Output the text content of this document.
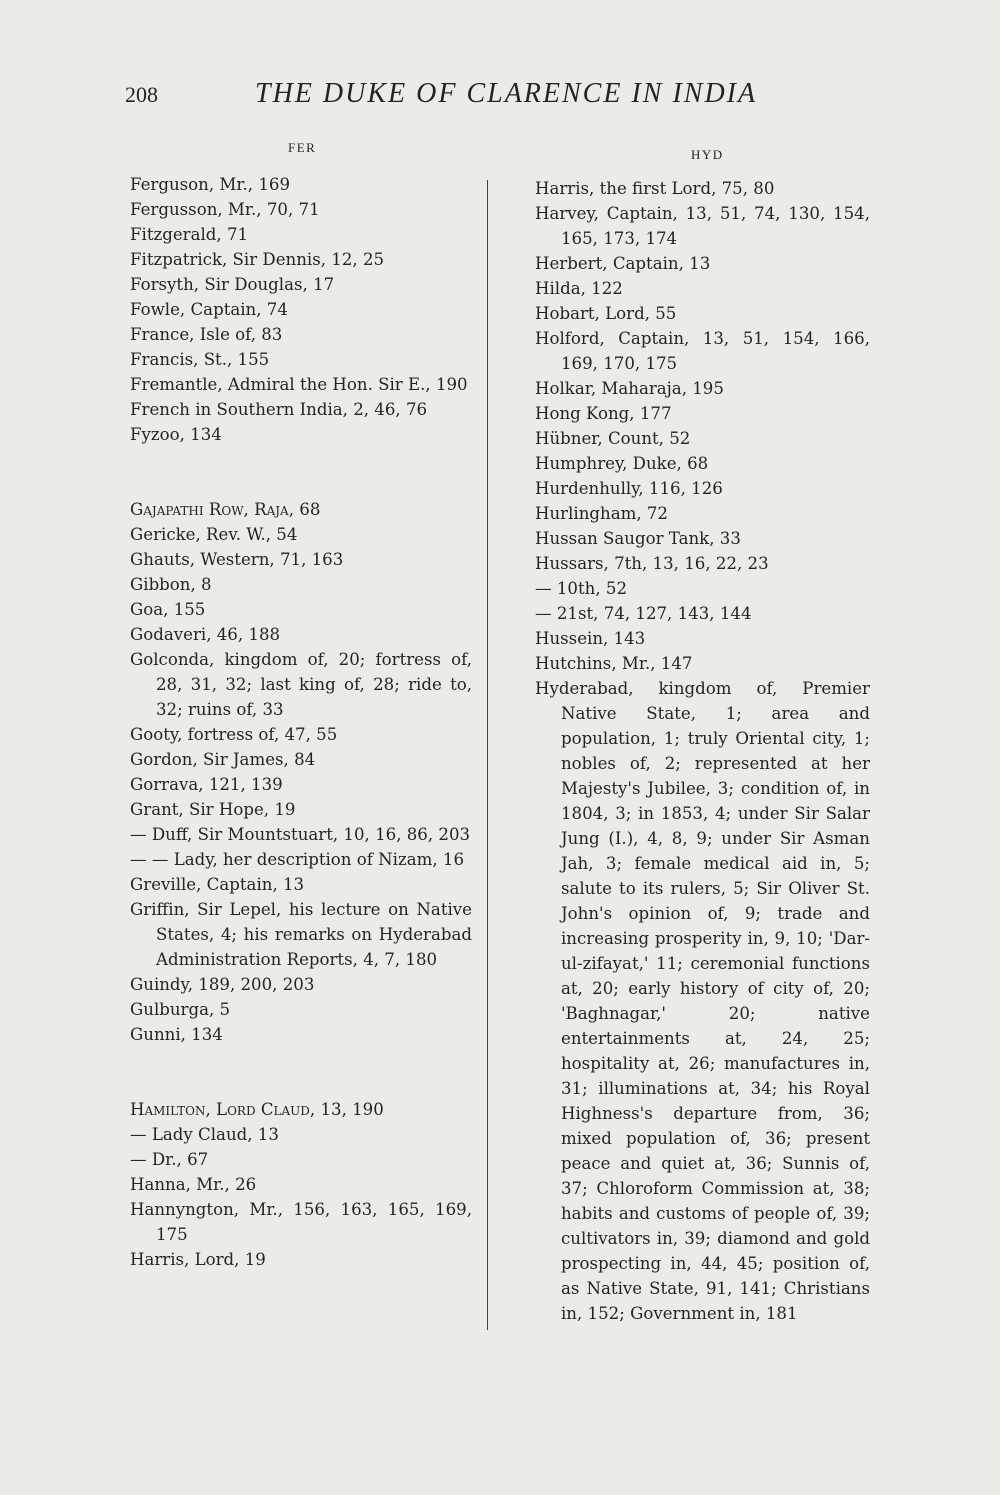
208	THE DUKE OF CLARENCE IN INDIA
FER	HYD
Ferguson, Mr., 169
Fergusson, Mr., 70, 71
Fitzgerald, 71
Fitzpatrick, Sir Dennis, 12, 25
Forsyth, Sir Douglas, 17
Fowle, Captain, 74
France, Isle of, 83
Francis, St., 155
Fremantle, Admiral the Hon. Sir E., 190
French in Southern India, 2, 46, 76
Fyzoo, 134
Gajapathi Row, Raja, 68
Gericke, Rev. W., 54
Ghauts, Western, 71, 163
Gibbon, 8
Goa, 155
Godaveri, 46, 188
Golconda, kingdom of, 20; fortress of, 28, 31, 32; last king of, 28; ride to, 32; ruins of, 33
Gooty, fortress of, 47, 55
Gordon, Sir James, 84
Gorrava, 121, 139
Grant, Sir Hope, 19
— Duff, Sir Mountstuart, 10, 16, 86, 203
— — Lady, her description of Nizam, 16
Greville, Captain, 13
Griffin, Sir Lepel, his lecture on Native States, 4; his remarks on Hyderabad Administration Reports, 4, 7, 180
Guindy, 189, 200, 203
Gulburga, 5
Gunni, 134
Hamilton, Lord Claud, 13, 190
— Lady Claud, 13
— Dr., 67
Hanna, Mr., 26
Hannyngton, Mr., 156, 163, 165, 169, 175
Harris, Lord, 19
Harris, the first Lord, 75, 80
Harvey, Captain, 13, 51, 74, 130, 154, 165, 173, 174
Herbert, Captain, 13
Hilda, 122
Hobart, Lord, 55
Holford, Captain, 13, 51, 154, 166, 169, 170, 175
Holkar, Maharaja, 195
Hong Kong, 177
Hübner, Count, 52
Humphrey, Duke, 68
Hurdenhully, 116, 126
Hurlingham, 72
Hussan Saugor Tank, 33
Hussars, 7th, 13, 16, 22, 23
— 10th, 52
— 21st, 74, 127, 143, 144
Hussein, 143
Hutchins, Mr., 147
Hyderabad, kingdom of, Premier Native State, 1; area and population, 1; truly Oriental city, 1; nobles of, 2; represented at her Majesty's Jubilee, 3; condition of, in 1804, 3; in 1853, 4; under Sir Salar Jung (I.), 4, 8, 9; under Sir Asman Jah, 3; female medical aid in, 5; salute to its rulers, 5; Sir Oliver St. John's opinion of, 9; trade and increasing prosperity in, 9, 10; 'Dar-ul-zifayat,' 11; ceremonial functions at, 20; early history of city of, 20; 'Baghnagar,' 20; native entertainments at, 24, 25; hospitality at, 26; manufactures in, 31; illuminations at, 34; his Royal Highness's departure from, 36; mixed population of, 36; present peace and quiet at, 36; Sunnis of, 37; Chloroform Commission at, 38; habits and customs of people of, 39; cultivators in, 39; diamond and gold prospecting in, 44, 45; position of, as Native State, 91, 141; Christians in, 152; Government in, 181
